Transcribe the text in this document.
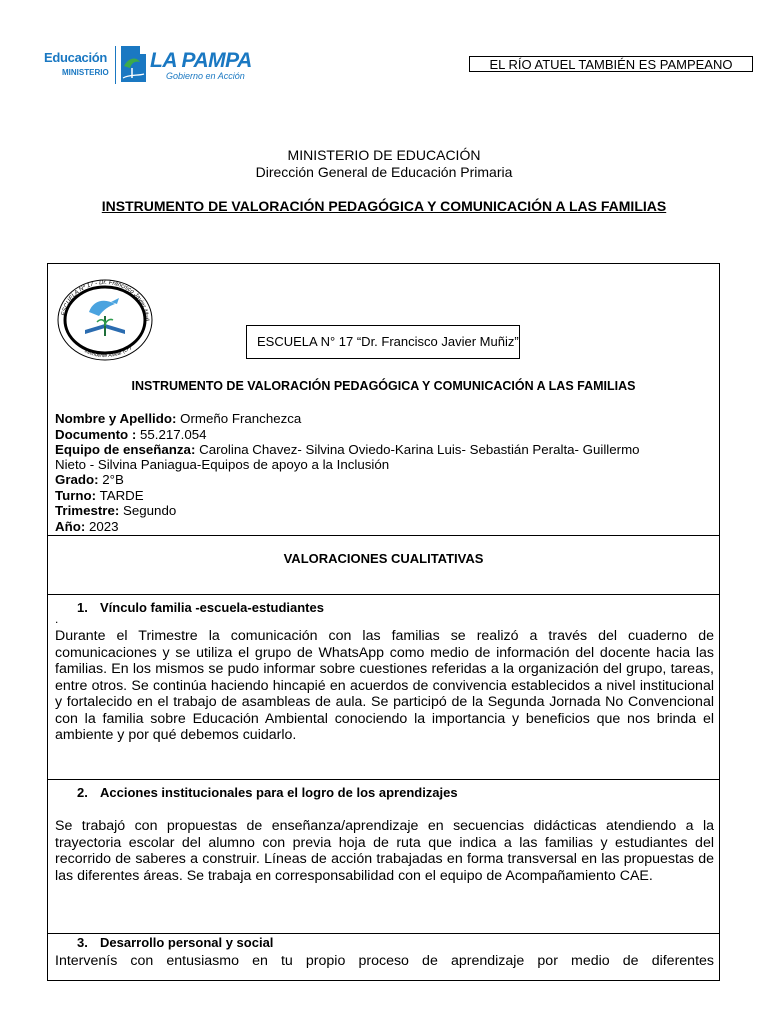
Educación
MINISTERIO
LA PAMPA
Gobierno en Acción
EL RÍO ATUEL TAMBIÉN ES PAMPEANO
MINISTERIO DE EDUCACIÓN
Dirección General de Educación Primaria
INSTRUMENTO DE VALORACIÓN PEDAGÓGICA Y COMUNICACIÓN A LAS FAMILIAS
ESCUELA Nº 17 - Dr. Francisco Javier Muñ
Intendente Alvear (LP)	ESCUELA N° 17 “Dr. Francisco Javier Muñiz”
INSTRUMENTO DE VALORACIÓN PEDAGÓGICA Y COMUNICACIÓN A LAS FAMILIAS
Nombre y Apellido: Ormeño Franchezca
Documento : 55.217.054
Equipo de enseñanza: Carolina Chavez- Silvina Oviedo-Karina Luis- Sebastián Peralta- Guillermo
Nieto - Silvina Paniagua-Equipos de apoyo a la Inclusión
Grado: 2°B
Turno: TARDE
Trimestre: Segundo
Año: 2023
VALORACIONES CUALITATIVAS
1. Vínculo familia -escuela-estudiantes
.
Durante el Trimestre la comunicación con las familias se realizó a través del cuaderno de comunicaciones y se utiliza el grupo de WhatsApp como medio de información del docente hacia las familias. En los mismos se pudo informar sobre cuestiones referidas a la organización del grupo, tareas, entre otros. Se continúa haciendo hincapié en acuerdos de convivencia establecidos a nivel institucional y fortalecido en el trabajo de asambleas de aula. Se participó de la Segunda Jornada No Convencional con la familia sobre Educación Ambiental conociendo la importancia y beneficios que nos brinda el ambiente y por qué debemos cuidarlo.
2. Acciones institucionales para el logro de los aprendizajes
Se trabajó con propuestas de enseñanza/aprendizaje en secuencias didácticas atendiendo a la trayectoria escolar del alumno con previa hoja de ruta que indica a las familias y estudiantes del recorrido de saberes a construir. Líneas de acción trabajadas en forma transversal en las propuestas de las diferentes áreas. Se trabaja en corresponsabilidad con el equipo de Acompañamiento CAE.
3. Desarrollo personal y social
Intervenís con entusiasmo en tu propio proceso de aprendizaje por medio de diferentes
